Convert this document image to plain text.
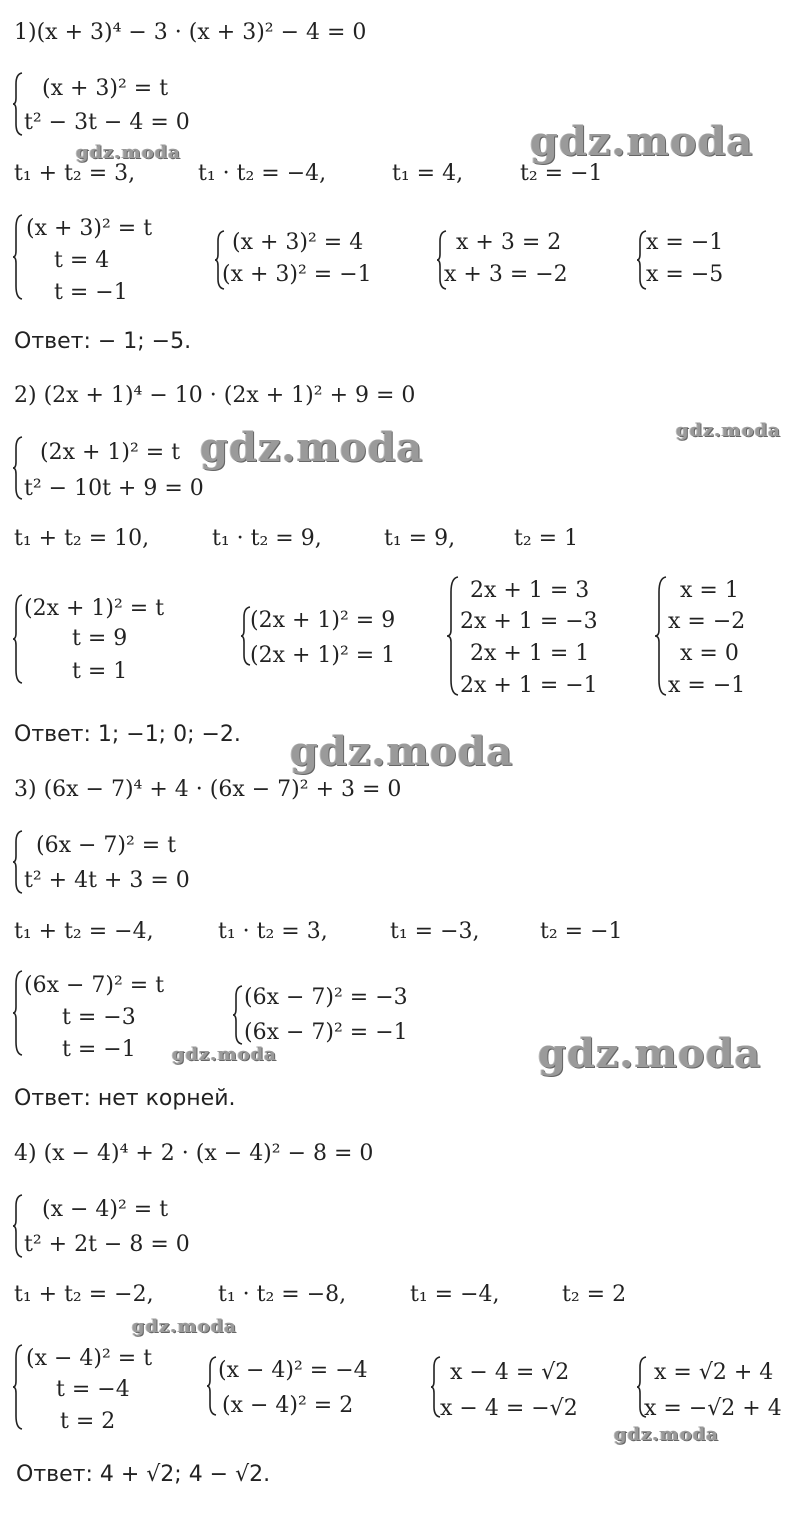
1)(x + 3)⁴ − 3 · (x + 3)² − 4 = 0
(x + 3)² = t
t² − 3t − 4 = 0
t₁ + t₂ = 3,	t₁ · t₂ = −4,	t₁ = 4,	t₂ = −1
(x + 3)² = t
t = 4
t = −1
(x + 3)² = 4
(x + 3)² = −1
x + 3 = 2
x + 3 = −2
x = −1
x = −5
Ответ: − 1; −5.
2) (2x + 1)⁴ − 10 · (2x + 1)² + 9 = 0
(2x + 1)² = t
t² − 10t + 9 = 0
t₁ + t₂ = 10,	t₁ · t₂ = 9,	t₁ = 9,	t₂ = 1
(2x + 1)² = t
t = 9
t = 1
(2x + 1)² = 9
(2x + 1)² = 1
2x + 1 = 3
2x + 1 = −3
2x + 1 = 1
2x + 1 = −1
x = 1
x = −2
x = 0
x = −1
Ответ: 1; −1; 0; −2.
3) (6x − 7)⁴ + 4 · (6x − 7)² + 3 = 0
(6x − 7)² = t
t² + 4t + 3 = 0
t₁ + t₂ = −4,	t₁ · t₂ = 3,	t₁ = −3,	t₂ = −1
(6x − 7)² = t
t = −3
t = −1
(6x − 7)² = −3
(6x − 7)² = −1
Ответ: нет корней.
4) (x − 4)⁴ + 2 · (x − 4)² − 8 = 0
(x − 4)² = t
t² + 2t − 8 = 0
t₁ + t₂ = −2,	t₁ · t₂ = −8,	t₁ = −4,	t₂ = 2
(x − 4)² = t
t = −4
t = 2
(x − 4)² = −4
(x − 4)² = 2
x − 4 = √2
x − 4 = −√2
x = √2 + 4
x = −√2 + 4
Ответ: 4 + √2; 4 − √2.
gdz.moda
gdz.moda
gdz.moda	gdz.moda
gdz.moda
gdz.moda
gdz.moda
gdz.moda
gdz.moda
